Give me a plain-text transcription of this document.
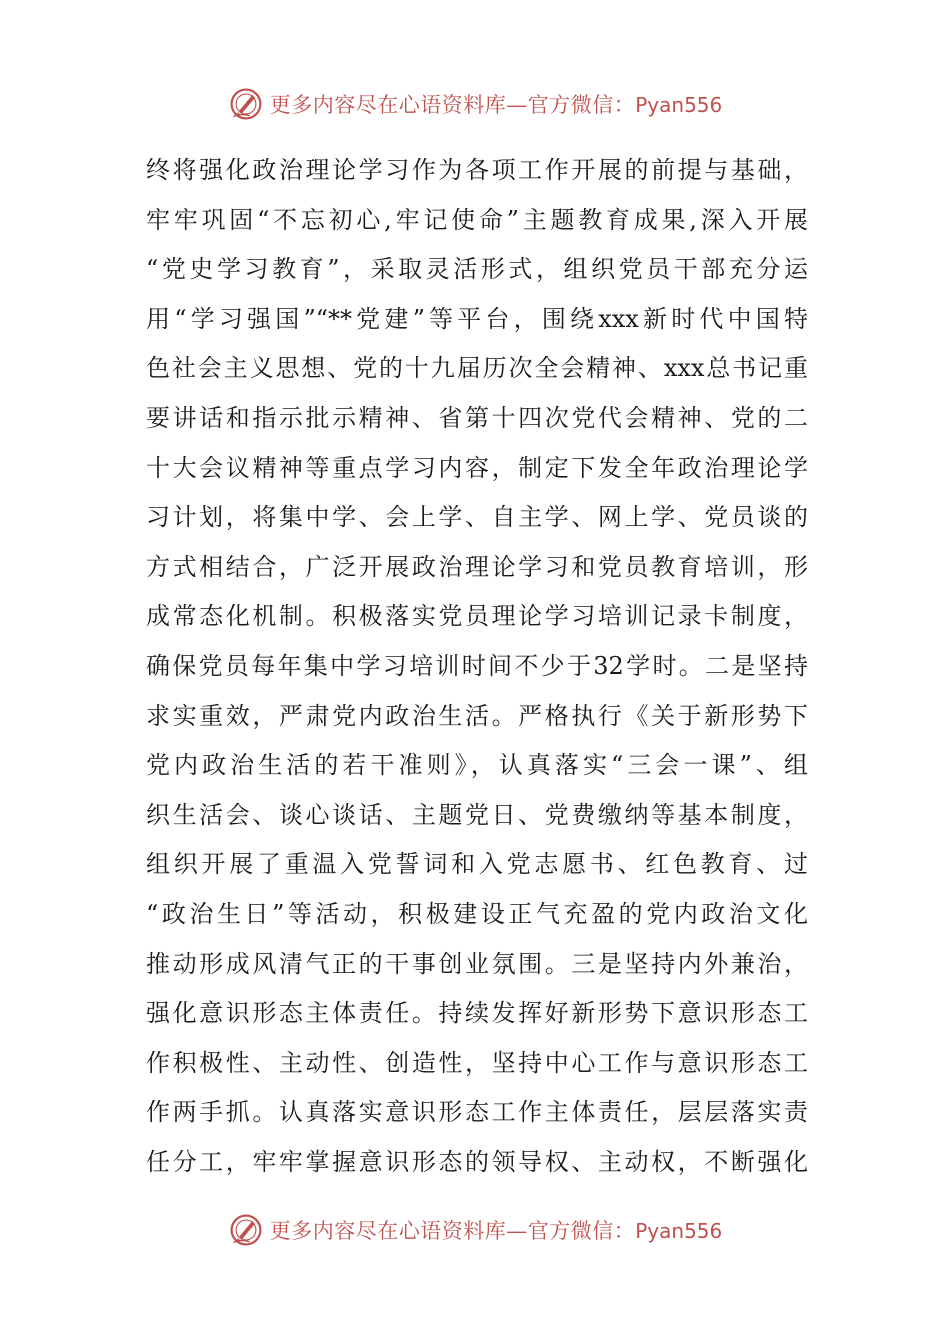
更多内容尽在心语资料库—官方微信：Pyan556
终将强化政治理论学习作为各项工作开展的前提与基础，
牢牢巩固“不忘初心,牢记使命”主题教育成果,深入开展
“党史学习教育”，采取灵活形式，组织党员干部充分运
用“学习强国”“**党建”等平台，围绕xxx新时代中国特
色社会主义思想、党的十九届历次全会精神、xxx总书记重
要讲话和指示批示精神、省第十四次党代会精神、党的二
十大会议精神等重点学习内容，制定下发全年政治理论学
习计划，将集中学、会上学、自主学、网上学、党员谈的
方式相结合，广泛开展政治理论学习和党员教育培训，形
成常态化机制。积极落实党员理论学习培训记录卡制度，
确保党员每年集中学习培训时间不少于32学时。二是坚持
求实重效，严肃党内政治生活。严格执行《关于新形势下
党内政治生活的若干准则》，认真落实“三会一课”、组
织生活会、谈心谈话、主题党日、党费缴纳等基本制度，
组织开展了重温入党誓词和入党志愿书、红色教育、过
“政治生日”等活动，积极建设正气充盈的党内政治文化
推动形成风清气正的干事创业氛围。三是坚持内外兼治，
强化意识形态主体责任。持续发挥好新形势下意识形态工
作积极性、主动性、创造性，坚持中心工作与意识形态工
作两手抓。认真落实意识形态工作主体责任，层层落实责
任分工，牢牢掌握意识形态的领导权、主动权，不断强化
更多内容尽在心语资料库—官方微信：Pyan556
